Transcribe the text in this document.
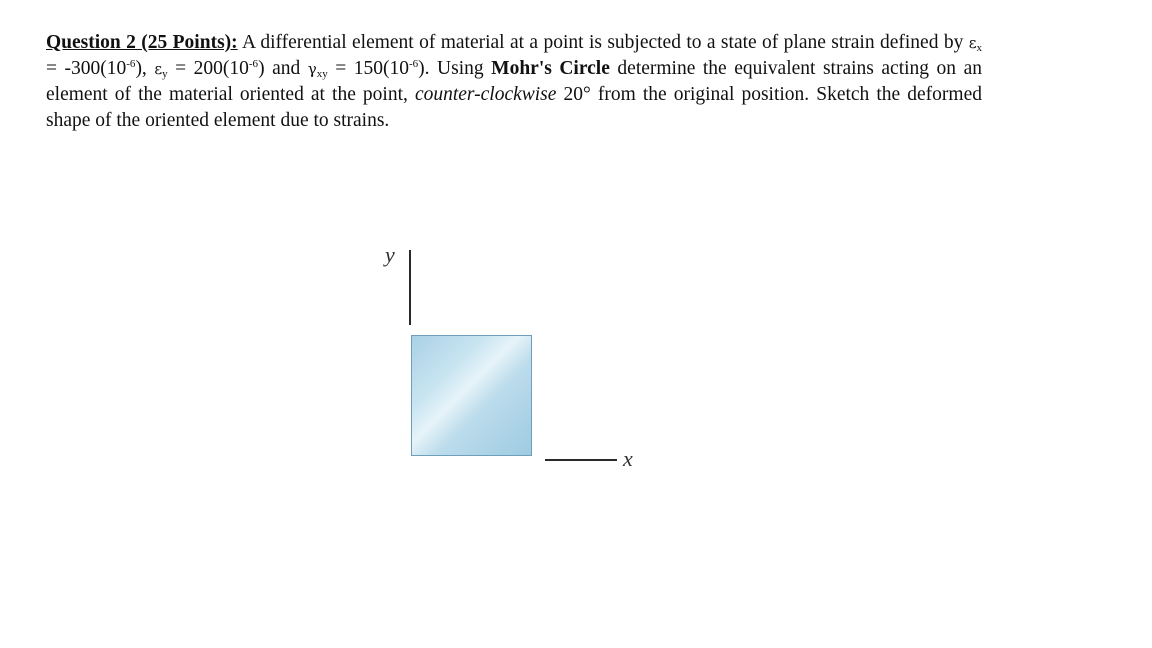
Question 2 (25 Points): A differential element of material at a point is subjected to a state of plane strain defined by $\varepsilon_x = -300(10^{-6})$, $\varepsilon_y = 200(10^{-6})$ and $\gamma_{xy} = 150(10^{-6})$. Using Mohr's Circle determine the equivalent strains acting on an element of the material oriented at the point, counter-clockwise 20° from the original position. Sketch the deformed shape of the oriented element due to strains.

y
x
